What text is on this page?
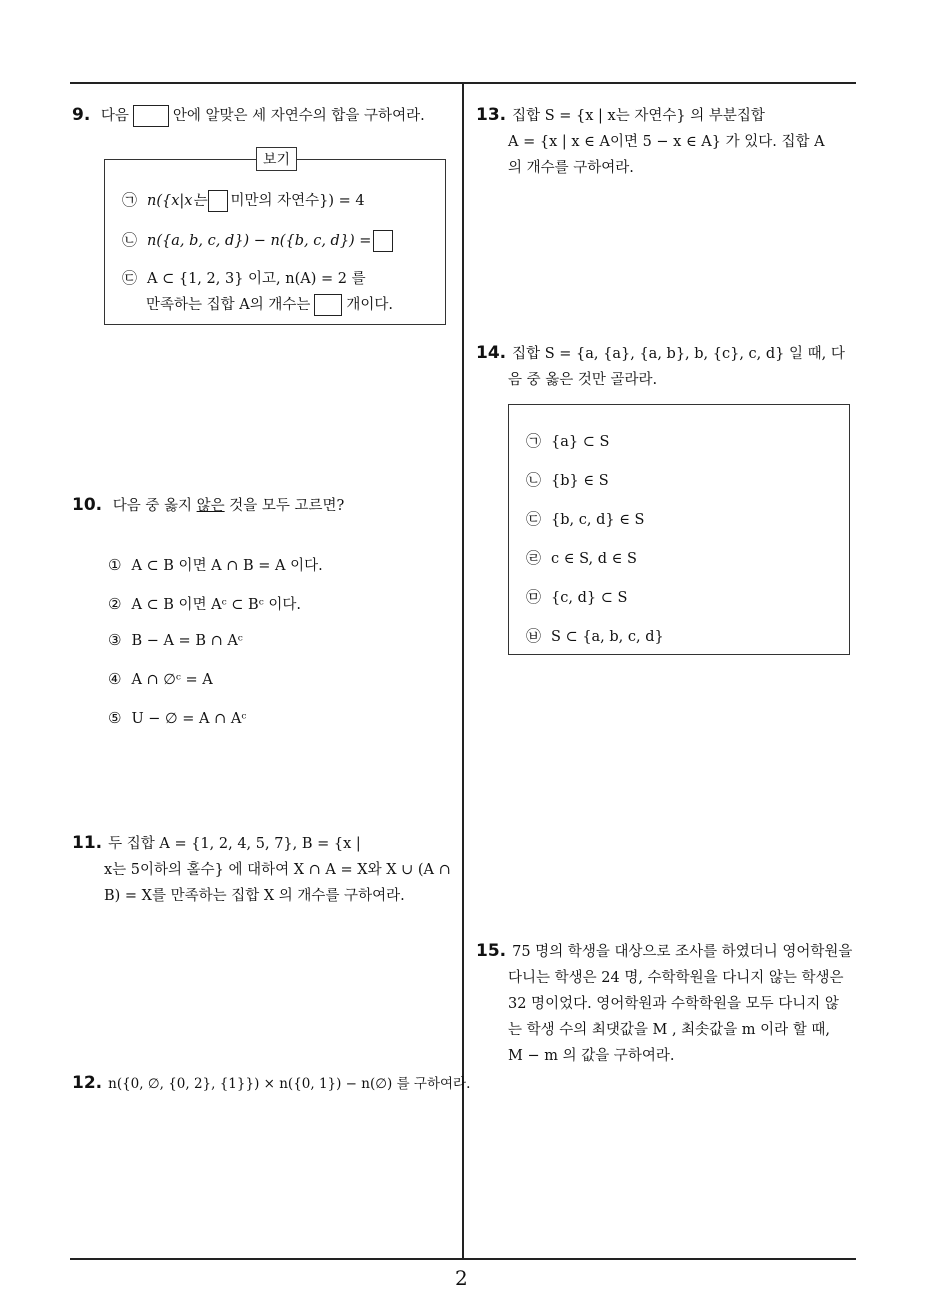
2
9. 다음	안에 알맞은 세 자연수의 합을 구하여라.
보기
㉠ n({x|x는 미만의 자연수}) = 4
㉡ n({a, b, c, d}) − n({b, c, d}) =
㉢ A ⊂ {1, 2, 3} 이고, n(A) = 2 를
만족하는 집합 A의 개수는 개이다.
10. 다음 중 옳지 않은 것을 모두 고르면?
① A ⊂ B 이면 A ∩ B = A 이다.
② A ⊂ B 이면 Aᶜ ⊂ Bᶜ 이다.
③ B − A = B ∩ Aᶜ
④ A ∩ ∅ᶜ = A
⑤ U − ∅ = A ∩ Aᶜ
11. 두 집합 A = {1, 2, 4, 5, 7}, B = {x |
x는 5이하의 홀수} 에 대하여 X ∩ A = X와 X ∪ (A ∩
B) = X를 만족하는 집합 X 의 개수를 구하여라.
12. n({0, ∅, {0, 2}, {1}}) × n({0, 1}) − n(∅) 를 구하여라.
13. 집합 S = {x | x는 자연수} 의 부분집합
A = {x | x ∈ A이면 5 − x ∈ A} 가 있다. 집합 A
의 개수를 구하여라.
14. 집합 S = {a, {a}, {a, b}, b, {c}, c, d} 일 때, 다
음 중 옳은 것만 골라라.
㉠ {a} ⊂ S
㉡ {b} ∈ S
㉢ {b, c, d} ∈ S
㉣ c ∈ S, d ∈ S
㉤ {c, d} ⊂ S
㉥ S ⊂ {a, b, c, d}
15. 75 명의 학생을 대상으로 조사를 하였더니 영어학원을
다니는 학생은 24 명, 수학학원을 다니지 않는 학생은
32 명이었다. 영어학원과 수학학원을 모두 다니지 않
는 학생 수의 최댓값을 M , 최솟값을 m 이라 할 때,
M − m 의 값을 구하여라.
